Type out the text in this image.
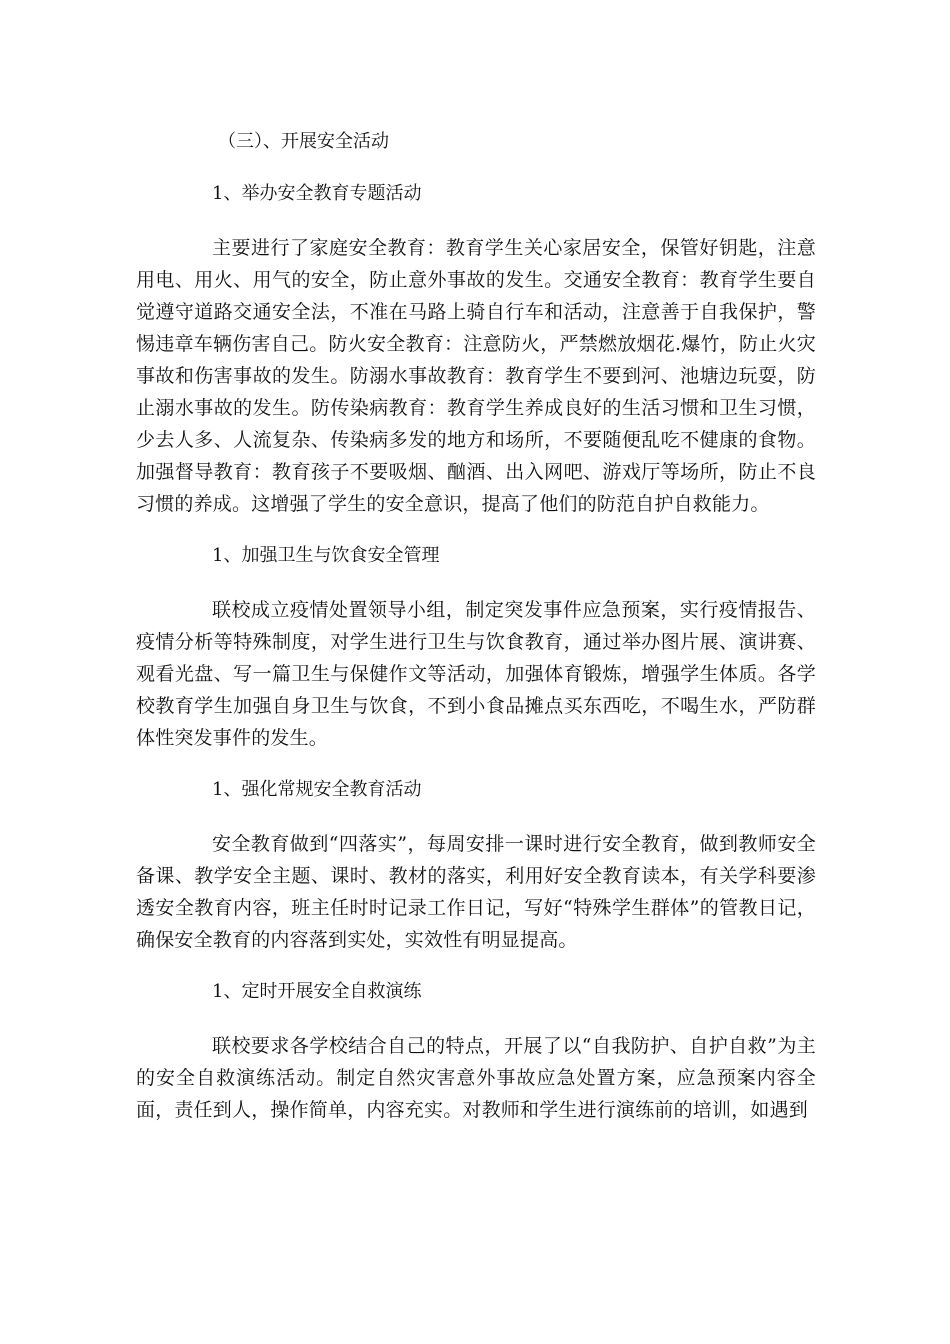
（三）、开展安全活动

1、举办安全教育专题活动

主要进行了家庭安全教育：教育学生关心家居安全，保管好钥匙，注意用电、用火、用气的安全，防止意外事故的发生。交通安全教育：教育学生要自觉遵守道路交通安全法，不准在马路上骑自行车和活动，注意善于自我保护，警惕违章车辆伤害自己。防火安全教育：注意防火，严禁燃放烟花.爆竹，防止火灾事故和伤害事故的发生。防溺水事故教育：教育学生不要到河、池塘边玩耍，防止溺水事故的发生。防传染病教育：教育学生养成良好的生活习惯和卫生习惯，少去人多、人流复杂、传染病多发的地方和场所，不要随便乱吃不健康的食物。加强督导教育：教育孩子不要吸烟、酗酒、出入网吧、游戏厅等场所，防止不良习惯的养成。这增强了学生的安全意识，提高了他们的防范自护自救能力。

1、加强卫生与饮食安全管理

联校成立疫情处置领导小组，制定突发事件应急预案，实行疫情报告、疫情分析等特殊制度，对学生进行卫生与饮食教育，通过举办图片展、演讲赛、观看光盘、写一篇卫生与保健作文等活动，加强体育锻炼，增强学生体质。各学校教育学生加强自身卫生与饮食，不到小食品摊点买东西吃，不喝生水，严防群体性突发事件的发生。

1、强化常规安全教育活动

安全教育做到“四落实”，每周安排一课时进行安全教育，做到教师安全备课、教学安全主题、课时、教材的落实，利用好安全教育读本，有关学科要渗透安全教育内容，班主任时时记录工作日记，写好“特殊学生群体”的管教日记，确保安全教育的内容落到实处，实效性有明显提高。

1、定时开展安全自救演练

联校要求各学校结合自己的特点，开展了以“自我防护、自护自救”为主的安全自救演练活动。制定自然灾害意外事故应急处置方案，应急预案内容全面，责任到人，操作简单，内容充实。对教师和学生进行演练前的培训，如遇到
